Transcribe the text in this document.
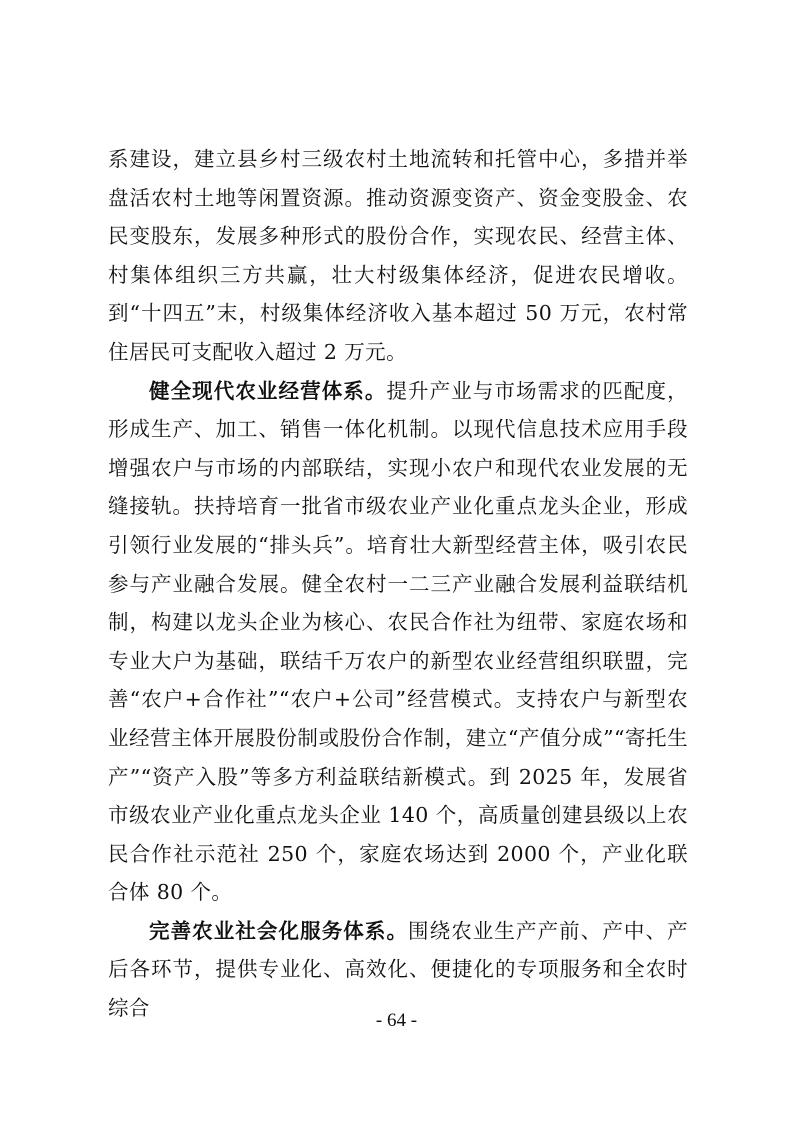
系建设，建立县乡村三级农村土地流转和托管中心，多措并举盘活农村土地等闲置资源。推动资源变资产、资金变股金、农民变股东，发展多种形式的股份合作，实现农民、经营主体、村集体组织三方共赢，壮大村级集体经济，促进农民增收。到“十四五”末，村级集体经济收入基本超过 50 万元，农村常住居民可支配收入超过 2 万元。

健全现代农业经营体系。提升产业与市场需求的匹配度，形成生产、加工、销售一体化机制。以现代信息技术应用手段增强农户与市场的内部联结，实现小农户和现代农业发展的无缝接轨。扶持培育一批省市级农业产业化重点龙头企业，形成引领行业发展的“排头兵”。培育壮大新型经营主体，吸引农民参与产业融合发展。健全农村一二三产业融合发展利益联结机制，构建以龙头企业为核心、农民合作社为纽带、家庭农场和专业大户为基础，联结千万农户的新型农业经营组织联盟，完善“农户+合作社”“农户+公司”经营模式。支持农户与新型农业经营主体开展股份制或股份合作制，建立“产值分成”“寄托生产”“资产入股”等多方利益联结新模式。到 2025 年，发展省市级农业产业化重点龙头企业 140 个，高质量创建县级以上农民合作社示范社 250 个，家庭农场达到 2000 个，产业化联合体 80 个。

完善农业社会化服务体系。围绕农业生产产前、产中、产后各环节，提供专业化、高效化、便捷化的专项服务和全农时综合

- 64 -
